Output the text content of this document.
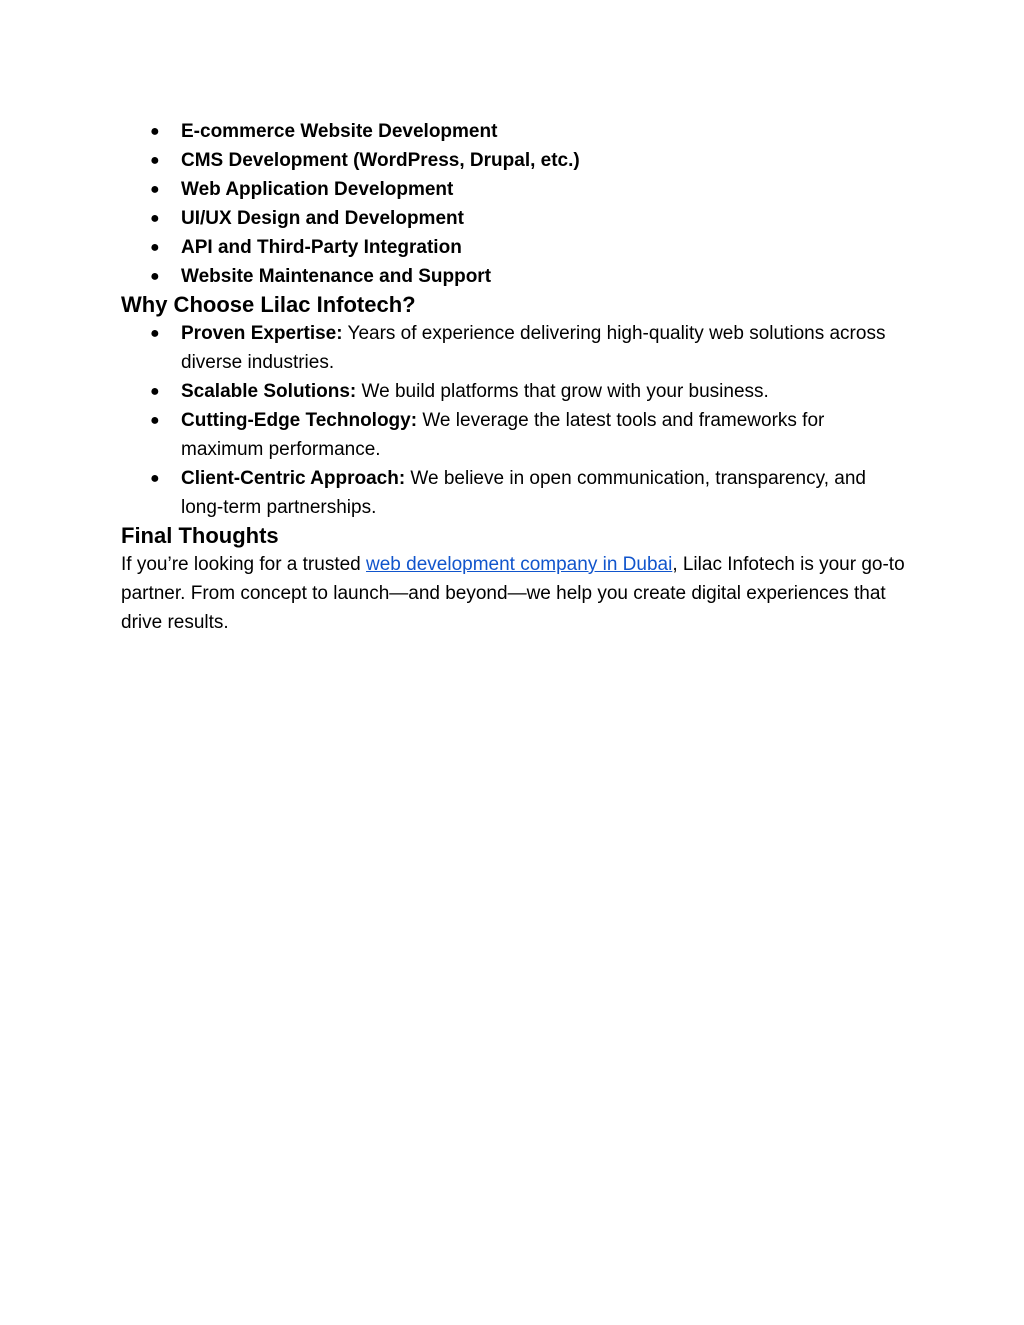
● E-commerce Website Development
● CMS Development (WordPress, Drupal, etc.)
● Web Application Development
● UI/UX Design and Development
● API and Third-Party Integration
● Website Maintenance and Support
Why Choose Lilac Infotech?
● Proven Expertise: Years of experience delivering high-quality web solutions across diverse industries.
● Scalable Solutions: We build platforms that grow with your business.
● Cutting-Edge Technology: We leverage the latest tools and frameworks for maximum performance.
● Client-Centric Approach: We believe in open communication, transparency, and long-term partnerships.
Final Thoughts

If you’re looking for a trusted web development company in Dubai, Lilac Infotech is your go-to partner. From concept to launch—and beyond—we help you create digital experiences that drive results.
